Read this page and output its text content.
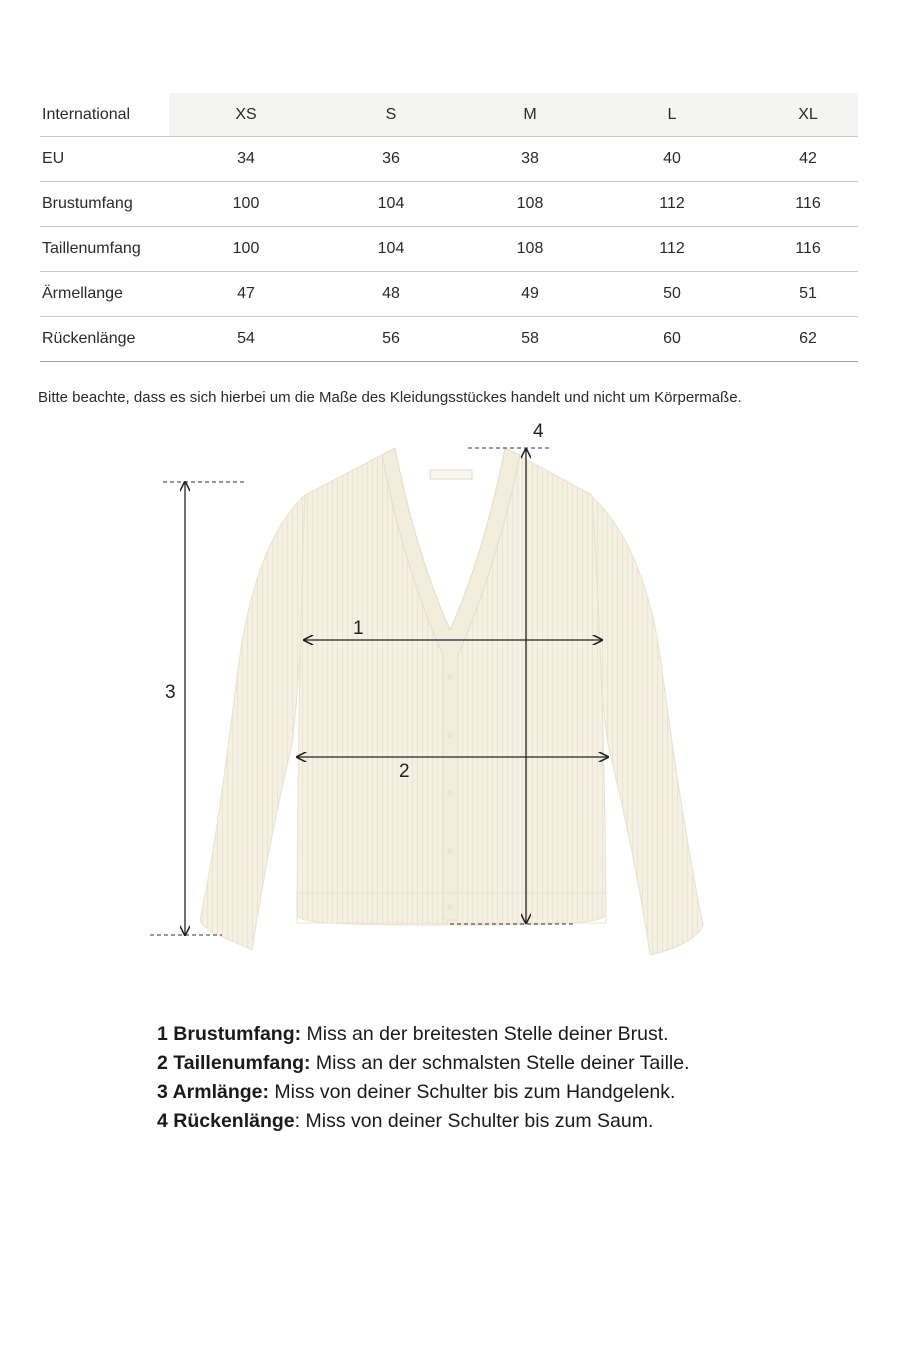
International	XS	S	M	L	XL
EU	34	36	38	40	42
Brustumfang	100	104	108	112	116
Taillenumfang	100	104	108	112	116
Ärmellange	47	48	49	50	51
Rückenlänge	54	56	58	60	62
Bitte beachte, dass es sich hierbei um die Maße des Kleidungsstückes handelt und nicht um Körpermaße.
1
2
3
4
1 Brustumfang: Miss an der breitesten Stelle deiner Brust.
2 Taillenumfang: Miss an der schmalsten Stelle deiner Taille.
3 Armlänge: Miss von deiner Schulter bis zum Handgelenk.
4 Rückenlänge: Miss von deiner Schulter bis zum Saum.
